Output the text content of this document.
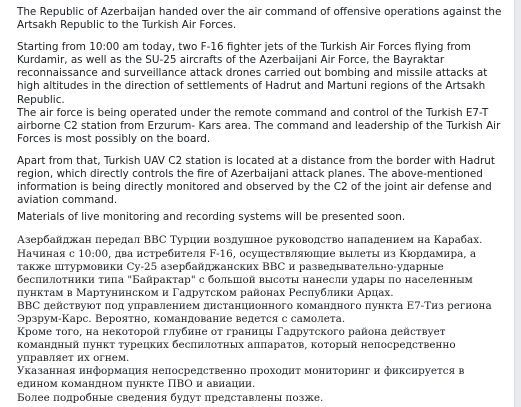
The Republic of Azerbaijan handed over the air command of offensive operations against the Artsakh Republic to the Turkish Air Forces.

Starting from 10:00 am today, two F-16 fighter jets of the Turkish Air Forces flying from Kurdamir, as well as the SU-25 aircrafts of the Azerbaijani Air Force, the Bayraktar reconnaissance and surveillance attack drones carried out bombing and missile attacks at high altitudes in the direction of settlements of Hadrut and Martuni regions of the Artsakh Republic.
The air force is being operated under the remote command and control of the Turkish E7-T airborne C2 station from Erzurum- Kars area. The command and leadership of the Turkish Air Forces is most possibly on the board.

Apart from that, Turkish UAV C2 station is located at a distance from the border with Hadrut region, which directly controls the fire of Azerbaijani attack planes. The above-mentioned information is being directly monitored and observed by the C2 of the joint air defense and aviation command.

Materials of live monitoring and recording systems will be presented soon.

Азербайджан передал ВВС Турции воздушное руководство нападением на Карабах.

Начиная с 10:00, два истребителя F-16, осуществляющие вылеты из Кюрдамира, а также штурмовики Су-25 азербайджанских ВВС и разведывательно-ударные беспилотники типа "Байрактар" с большой высоты нанесли удары по населенным пунктам в Мартунинском и Гадрутском районах Республики Арцах.

ВВС действуют под управлением дистанционного командного пункта Е7-Тиз региона Эрзрум-Карс. Вероятно, командование ведется с самолета.

Кроме того, на некоторой глубине от границы Гадрутского района действует командный пункт турецких беспилотных аппаратов, который непосредственно управляет их огнем.

Указанная информация непосредственно проходит мониторинг и фиксируется в едином командном пункте ПВО и авиации.

Более подробные сведения будут представлены позже.
